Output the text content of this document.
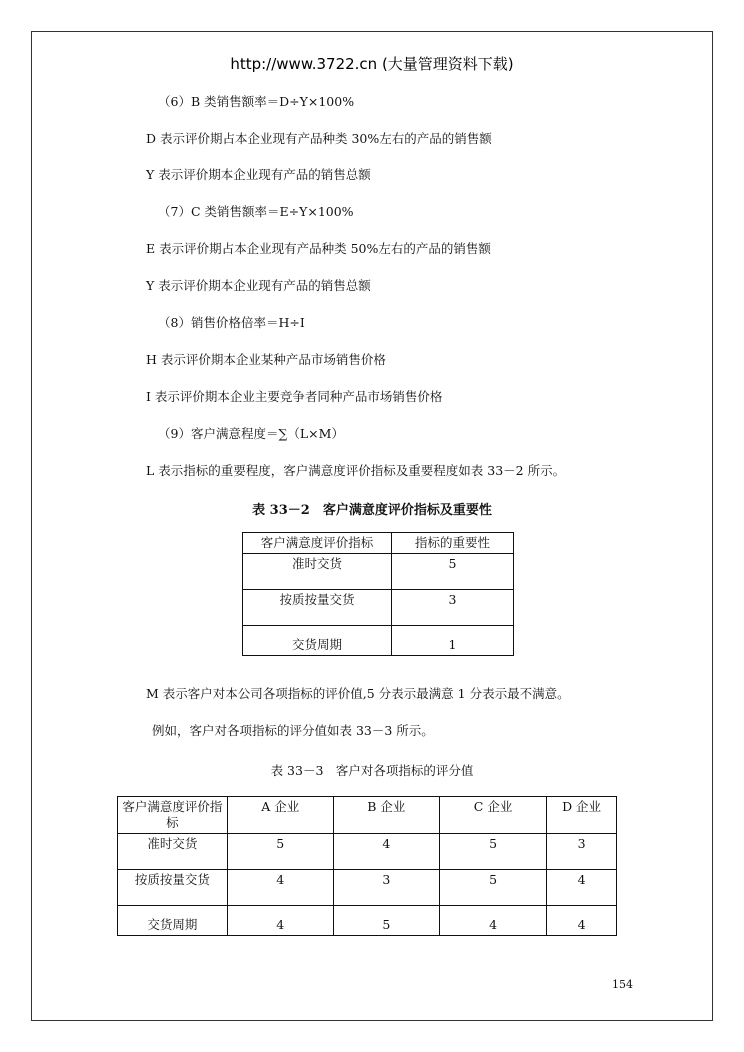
http://www.3722.cn (大量管理资料下载)
（6）B 类销售额率＝D÷Y×100%
D 表示评价期占本企业现有产品种类 30%左右的产品的销售额
Y 表示评价期本企业现有产品的销售总额
（7）C 类销售额率＝E÷Y×100%
E 表示评价期占本企业现有产品种类 50%左右的产品的销售额
Y 表示评价期本企业现有产品的销售总额
（8）销售价格倍率＝H÷I
H 表示评价期本企业某种产品市场销售价格
I 表示评价期本企业主要竞争者同种产品市场销售价格
（9）客户满意程度＝∑（L×M）
L 表示指标的重要程度，客户满意度评价指标及重要程度如表 33－2 所示。
表 33－2　客户满意度评价指标及重要性
客户满意度评价指标	指标的重要性
准时交货	5
按质按量交货	3
交货周期	1
M 表示客户对本公司各项指标的评价值,5 分表示最满意 1 分表示最不满意。
例如，客户对各项指标的评分值如表 33－3 所示。
表 33－3　客户对各项指标的评分值
客户满意度评价指标	A 企业	B 企业	C 企业	D 企业
准时交货	5	4	5	3
按质按量交货	4	3	5	4
交货周期	4	5	4	4
154
